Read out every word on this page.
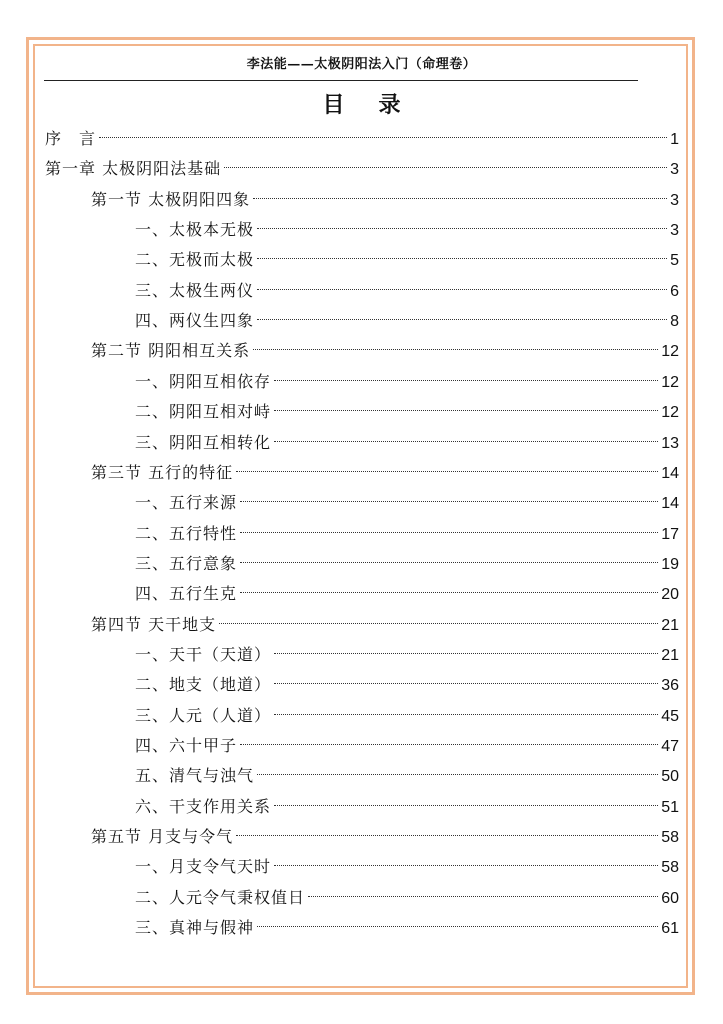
李法能——太极阴阳法入门（命理卷）
目录
序　言	1
第一章 太极阴阳法基础	3
第一节 太极阴阳四象	3
一、太极本无极	3
二、无极而太极	5
三、太极生两仪	6
四、两仪生四象	8
第二节 阴阳相互关系	12
一、阴阳互相依存	12
二、阴阳互相对峙	12
三、阴阳互相转化	13
第三节 五行的特征	14
一、五行来源	14
二、五行特性	17
三、五行意象	19
四、五行生克	20
第四节 天干地支	21
一、天干（天道）	21
二、地支（地道）	36
三、人元（人道）	45
四、六十甲子	47
五、清气与浊气	50
六、干支作用关系	51
第五节 月支与令气	58
一、月支令气天时	58
二、人元令气秉权值日	60
三、真神与假神	61
